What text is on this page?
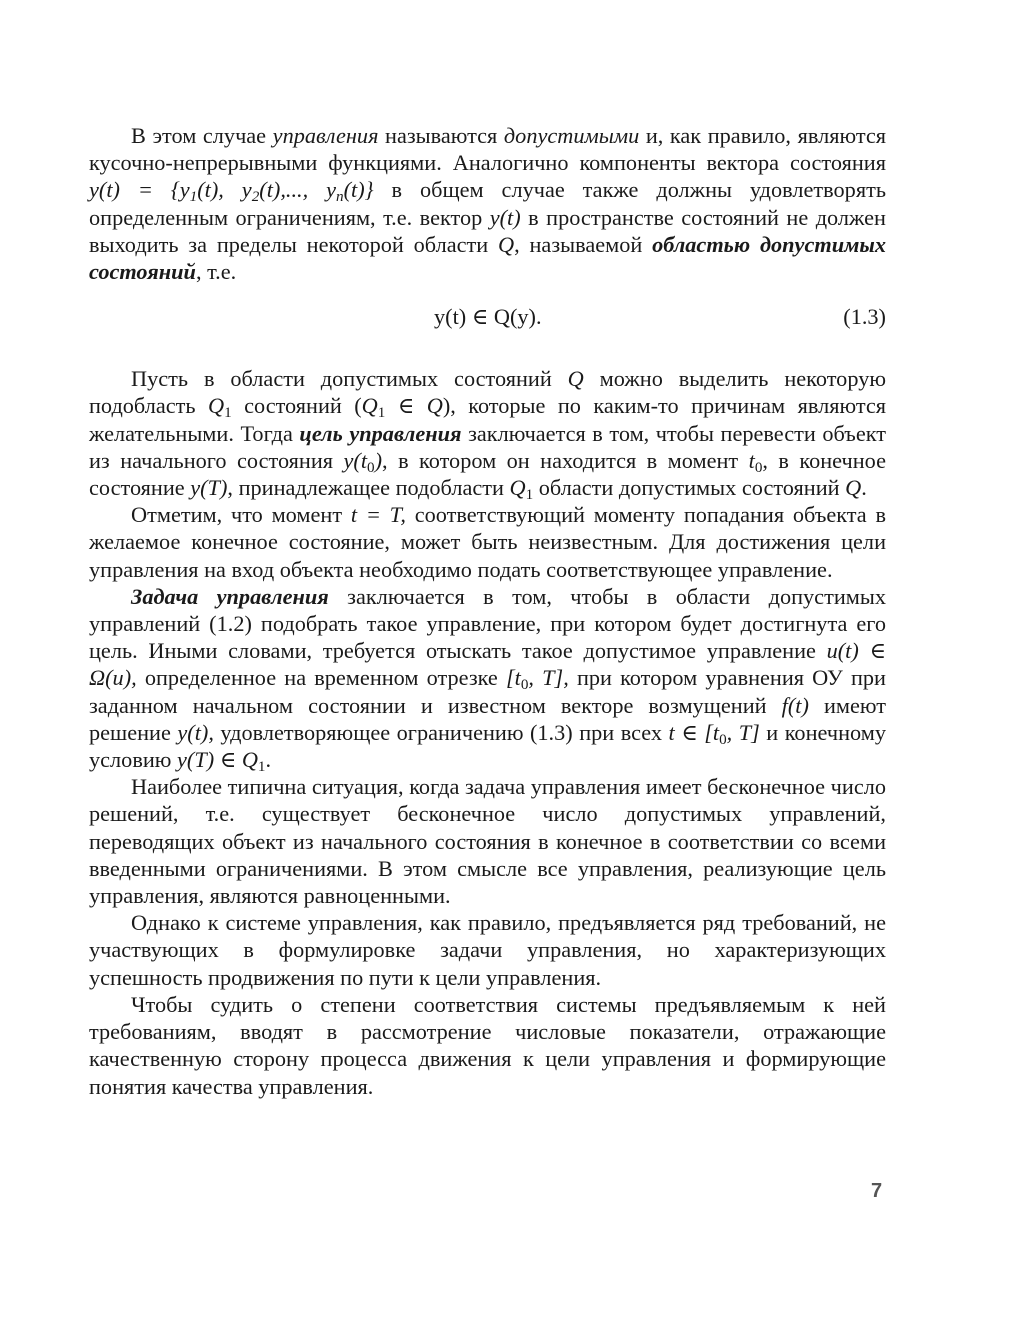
В этом случае управления называются допустимыми и, как правило, являются кусочно-непрерывными функциями. Аналогично компоненты вектора состояния $y(t) = \{y_1(t)$, $y_2(t)$,..., $y_n(t)$} в общем случае также должны удовлетворять определенным ограничениям, т.е. вектор y(t) в пространстве состояний не должен выходить за пределы некоторой области Q, называемой областью допустимых состояний, т.е.

y(t) ∈ Q(y).	(1.3)

Пусть в области допустимых состояний Q можно выделить некоторую подобласть $Q_1$ состояний ($Q_1$ ∈ Q), которые по каким-то причинам являются желательными. Тогда цель управления заключается в том, чтобы перевести объект из начального состояния $y(t_0)$, в котором он находится в момент $t_0$, в конечное состояние y(T), принадлежащее подобласти $Q_1$ области допустимых состояний Q.

Отметим, что момент t = T, соответствующий моменту попадания объекта в желаемое конечное состояние, может быть неизвестным. Для достижения цели управления на вход объекта необходимо подать соответствующее управление.

Задача управления заключается в том, чтобы в области допустимых управлений (1.2) подобрать такое управление, при котором будет достигнута его цель. Иными словами, требуется отыскать такое допустимое управление u(t) ∈ Ω(u), определенное на временном отрезке [$t_0$, T], при котором уравнения ОУ при заданном начальном состоянии и известном векторе возмущений f(t) имеют решение y(t), удовлетворяющее ограничению (1.3) при всех t ∈ [$t_0$, T] и конечному условию y(T) ∈ $Q_1$.

Наиболее типична ситуация, когда задача управления имеет бесконечное число решений, т.е. существует бесконечное число допустимых управлений, переводящих объект из начального состояния в конечное в соответствии со всеми введенными ограничениями. В этом смысле все управления, реализующие цель управления, являются равноценными.

Однако к системе управления, как правило, предъявляется ряд требований, не участвующих в формулировке задачи управления, но характеризующих успешность продвижения по пути к цели управления.

Чтобы судить о степени соответствия системы предъявляемым к ней требованиям, вводят в рассмотрение числовые показатели, отражающие качественную сторону процесса движения к цели управления и формирующие понятия качества управления.

7
